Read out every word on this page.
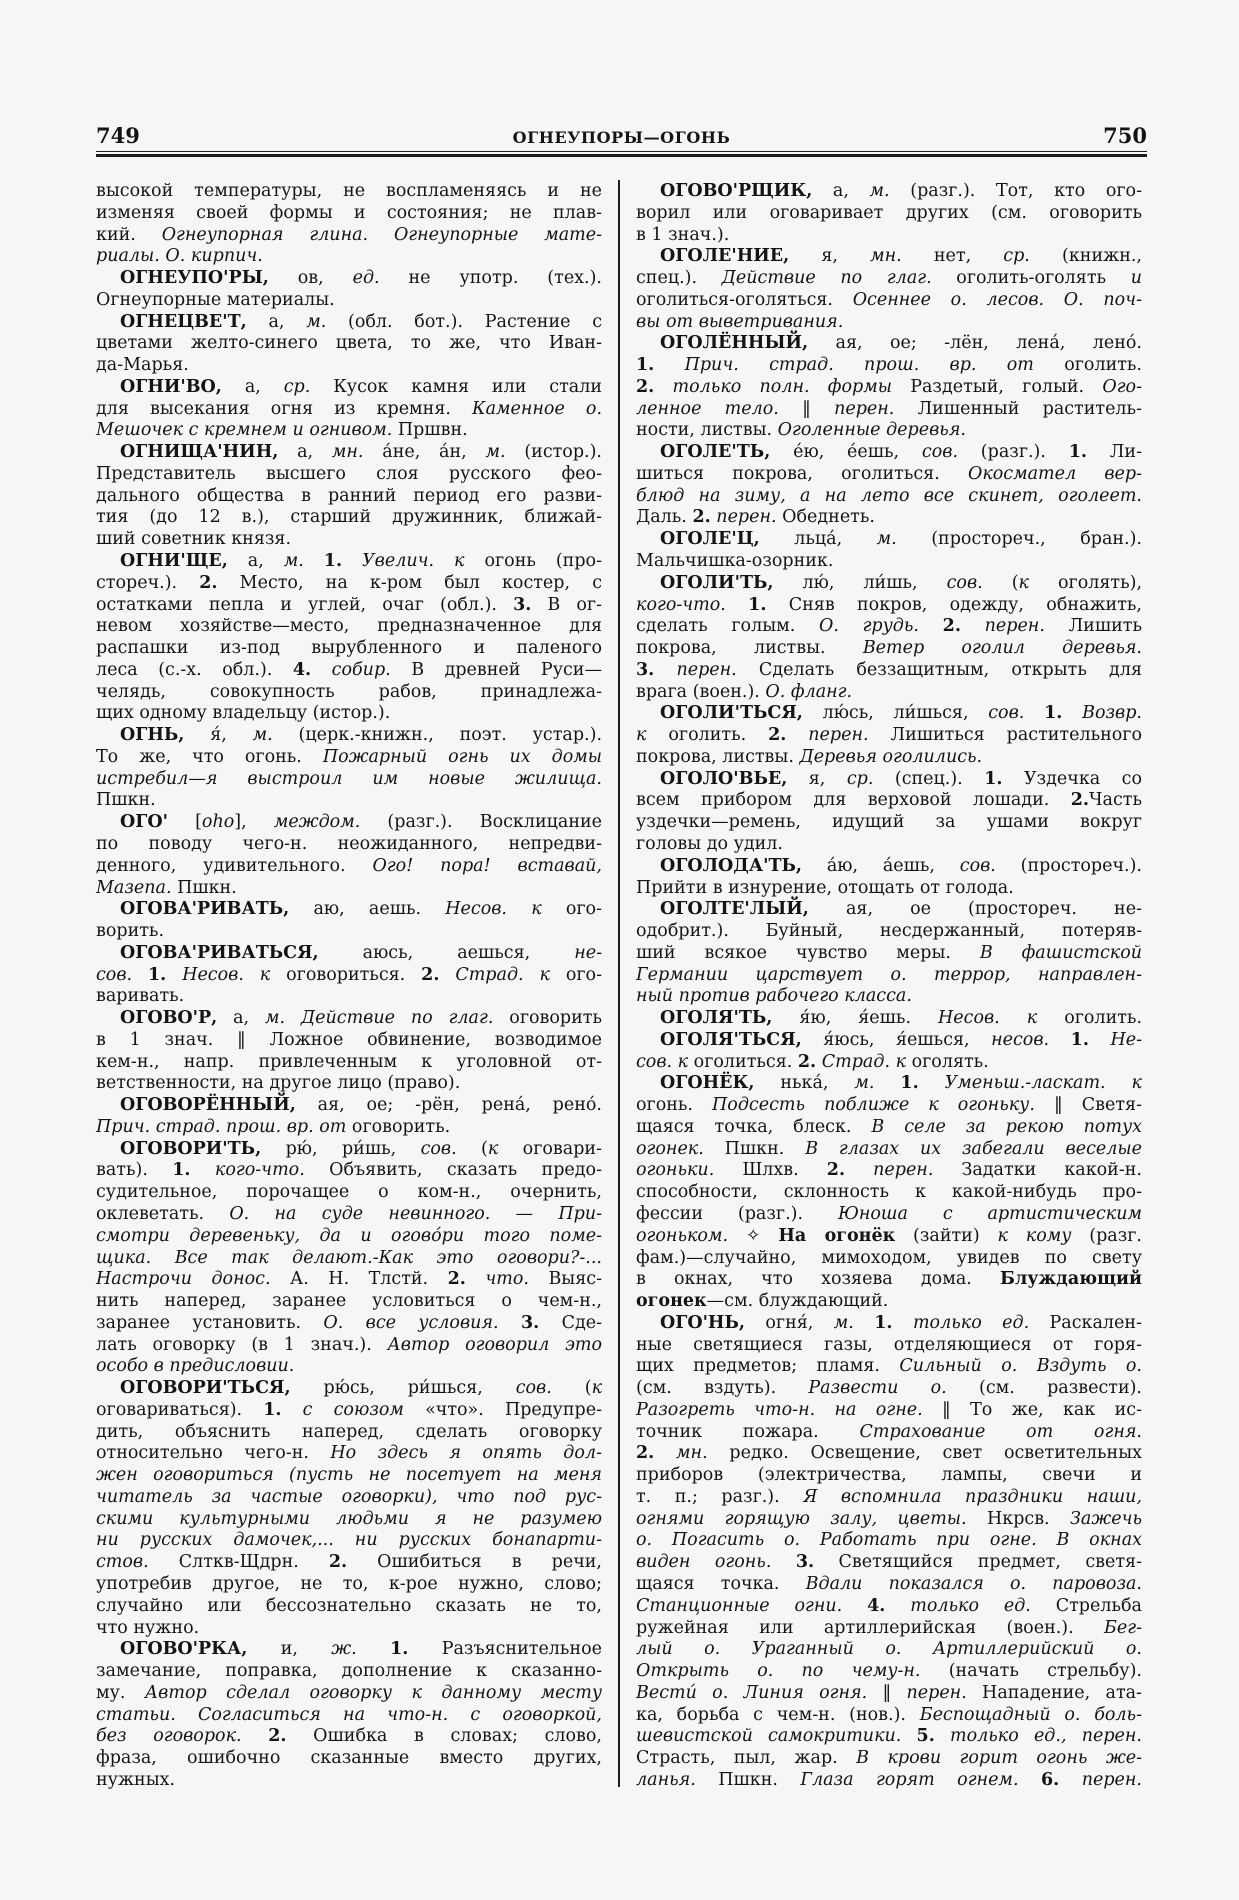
749	ОГНЕУПОРЫ—ОГОНЬ	750
высокой температуры, не воспламеняясь и не
изменяя своей формы и состояния; не плав-
кий. Огнеупорная глина. Огнеупорные мате-
риалы. О. кирпич.
ОГНЕУПО'РЫ, ов, ед. не употр. (тех.).
Огнеупорные материалы.
ОГНЕЦВЕ'Т, а, м. (обл. бот.). Растение с
цветами желто-синего цвета, то же, что Иван-
да-Марья.
ОГНИ'ВО, а, ср. Кусок камня или стали
для высекания огня из кремня. Каменное о.
Мешочек с кремнем и огнивом. Пршвн.
ОГНИЩА'НИН, а, мн. а́не, а́н, м. (истор.).
Представитель высшего слоя русского фео-
дального общества в ранний период его разви-
тия (до 12 в.), старший дружинник, ближай-
ший советник князя.
ОГНИ'ЩЕ, а, м. 1. Увелич. к огонь (про-
стореч.). 2. Место, на к-ром был костер, с
остатками пепла и углей, очаг (обл.). 3. В ог-
невом хозяйстве—место, предназначенное для
распашки из-под вырубленного и паленого
леса (с.-х. обл.). 4. собир. В древней Руси—
челядь, совокупность рабов, принадлежа-
щих одному владельцу (истор.).
ОГНЬ, я́, м. (церк.-книжн., поэт. устар.).
То же, что огонь. Пожарный огнь их домы
истребил—я выстроил им новые жилища.
Пшкн.
ОГО' [oho], междом. (разг.). Восклицание
по поводу чего-н. неожиданного, непредви-
денного, удивительного. Ого! пора! вставай,
Мазепа. Пшкн.
ОГОВА'РИВАТЬ, аю, аешь. Несов. к ого-
ворить.
ОГОВА'РИВАТЬСЯ, аюсь, аешься, не-
сов. 1. Несов. к оговориться. 2. Страд. к ого-
варивать.
ОГОВО'Р, а, м. Действие по глаг. оговорить
в 1 знач. ‖ Ложное обвинение, возводимое
кем-н., напр. привлеченным к уголовной от-
ветственности, на другое лицо (право).
ОГОВОРЁННЫЙ, ая, ое; -рён, рена́, рено́.
Прич. страд. прош. вр. от оговорить.
ОГОВОРИ'ТЬ, рю́, ри́шь, сов. (к оговари-
вать). 1. кого-что. Объявить, сказать предо-
судительное, порочащее о ком-н., очернить,
оклеветать. О. на суде невинного. — При-
смотри деревеньку, да и огово́ри того поме-
щика. Все так делают.-Как это оговори?-...
Настрочи донос. А. Н. Тлстй. 2. что. Выяс-
нить наперед, заранее условиться о чем-н.,
заранее установить. О. все условия. 3. Сде-
лать оговорку (в 1 знач.). Автор оговорил это
особо в предисловии.
ОГОВОРИ'ТЬСЯ, рю́сь, ри́шься, сов. (к
оговариваться). 1. с союзом «что». Предупре-
дить, объяснить наперед, сделать оговорку
относительно чего-н. Но здесь я опять дол-
жен оговориться (пусть не посетует на меня
читатель за частые оговорки), что под рус-
скими культурными людьми я не разумею
ни русских дамочек,... ни русских бонапарти-
стов. Слткв-Щдрн. 2. Ошибиться в речи,
употребив другое, не то, к-рое нужно, слово;
случайно или бессознательно сказать не то,
что нужно.
ОГОВО'РКА, и, ж. 1. Разъяснительное
замечание, поправка, дополнение к сказанно-
му. Автор сделал оговорку к данному месту
статьи. Согласиться на что-н. с оговоркой,
без оговорок. 2. Ошибка в словах; слово,
фраза, ошибочно сказанные вместо других,
нужных.
ОГОВО'РЩИК, а, м. (разг.). Тот, кто ого-
ворил или оговаривает других (см. оговорить
в 1 знач.).
ОГОЛЕ'НИЕ, я, мн. нет, ср. (книжн.,
спец.). Действие по глаг. оголить-оголять и
оголиться-оголяться. Осеннее о. лесов. О. поч-
вы от выветривания.
ОГОЛЁННЫЙ, ая, ое; -лён, лена́, лено́.
1. Прич. страд. прош. вр. от оголить.
2. только полн. формы Раздетый, голый. Ого-
ленное тело. ‖ перен. Лишенный раститель-
ности, листвы. Оголенные деревья.
ОГОЛЕ'ТЬ, е́ю, е́ешь, сов. (разг.). 1. Ли-
шиться покрова, оголиться. Окосмател вер-
блюд на зиму, а на лето все скинет, оголеет.
Даль. 2. перен. Обеднеть.
ОГОЛЕ'Ц, льца́, м. (простореч., бран.).
Мальчишка-озорник.
ОГОЛИ'ТЬ, лю́, ли́шь, сов. (к оголять),
кого-что. 1. Сняв покров, одежду, обнажить,
сделать голым. О. грудь. 2. перен. Лишить
покрова, листвы. Ветер оголил деревья.
3. перен. Сделать беззащитным, открыть для
врага (воен.). О. фланг.
ОГОЛИ'ТЬСЯ, лю́сь, ли́шься, сов. 1. Возвр.
к оголить. 2. перен. Лишиться растительного
покрова, листвы. Деревья оголились.
ОГОЛО'ВЬЕ, я, ср. (спец.). 1. Уздечка со
всем прибором для верховой лошади. 2.Часть
уздечки—ремень, идущий за ушами вокруг
головы до удил.
ОГОЛОДА'ТЬ, а́ю, а́ешь, сов. (простореч.).
Прийти в изнурение, отощать от голода.
ОГОЛТЕ'ЛЫЙ, ая, ое (простореч. не-
одобрит.). Буйный, несдержанный, потеряв-
ший всякое чувство меры. В фашистской
Германии царствует о. террор, направлен-
ный против рабочего класса.
ОГОЛЯ'ТЬ, я́ю, я́ешь. Несов. к оголить.
ОГОЛЯ'ТЬСЯ, я́юсь, я́ешься, несов. 1. Не-
сов. к оголиться. 2. Страд. к оголять.
ОГОНЁК, нька́, м. 1. Уменьш.-ласкат. к
огонь. Подсесть поближе к огоньку. ‖ Светя-
щаяся точка, блеск. В селе за рекою потух
огонек. Пшкн. В глазах их забегали веселые
огоньки. Шлхв. 2. перен. Задатки какой-н.
способности, склонность к какой-нибудь про-
фессии (разг.). Юноша с артистическим
огоньком. ✧ На огонёк (зайти) к кому (разг.
фам.)—случайно, мимоходом, увидев по свету
в окнах, что хозяева дома. Блуждающий
огонек—см. блуждающий.
ОГО'НЬ, огня́, м. 1. только ед. Раскален-
ные светящиеся газы, отделяющиеся от горя-
щих предметов; пламя. Сильный о. Вздуть о.
(см. вздуть). Развести о. (см. развести).
Разогреть что-н. на огне. ‖ То же, как ис-
точник пожара. Страхование от огня.
2. мн. редко. Освещение, свет осветительных
приборов (электричества, лампы, свечи и
т. п.; разг.). Я вспомнила праздники наши,
огнями горящую залу, цветы. Нкрсв. Зажечь
о. Погасить о. Работать при огне. В окнах
виден огонь. 3. Светящийся предмет, светя-
щаяся точка. Вдали показался о. паровоза.
Станционные огни. 4. только ед. Стрельба
ружейная или артиллерийская (воен.). Бег-
лый о. Ураганный о. Артиллерийский о.
Открыть о. по чему-н. (начать стрельбу).
Вести́ о. Линия огня. ‖ перен. Нападение, ата-
ка, борьба с чем-н. (нов.). Беспощадный о. боль-
шевистской самокритики. 5. только ед., перен.
Страсть, пыл, жар. В крови горит огонь же-
ланья. Пшкн. Глаза горят огнем. 6. перен.
